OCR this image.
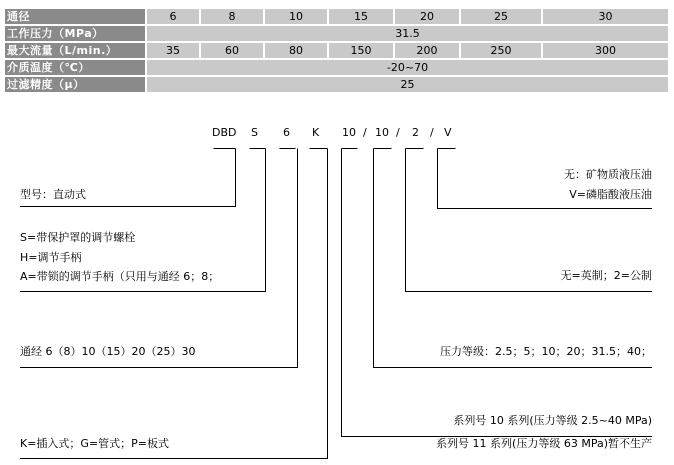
通径	6	8	10	15	20	25	30
工作压力（MPa）	31.5
最大流量（L/min.）	35	60	80	150	200	250	300
介质温度（℃）	-20~70
过滤精度（μ）	25
DBD S 6 K 10 / 10 / 2 / V
型号：直动式
S=带保护罩的调节螺栓
H=调节手柄
A=带锁的调节手柄（只用与通经 6；8；
通经 6（8）10（15）20（25）30
K=插入式；G=管式；P=板式
无：矿物质液压油
V=磷脂酸液压油
无=英制；2=公制
压力等级：2.5；5；10；20；31.5；40；
系列号 10 系列(压力等级 2.5~40 MPa)
系列号 11 系列(压力等级 63 MPa)暂不生产
